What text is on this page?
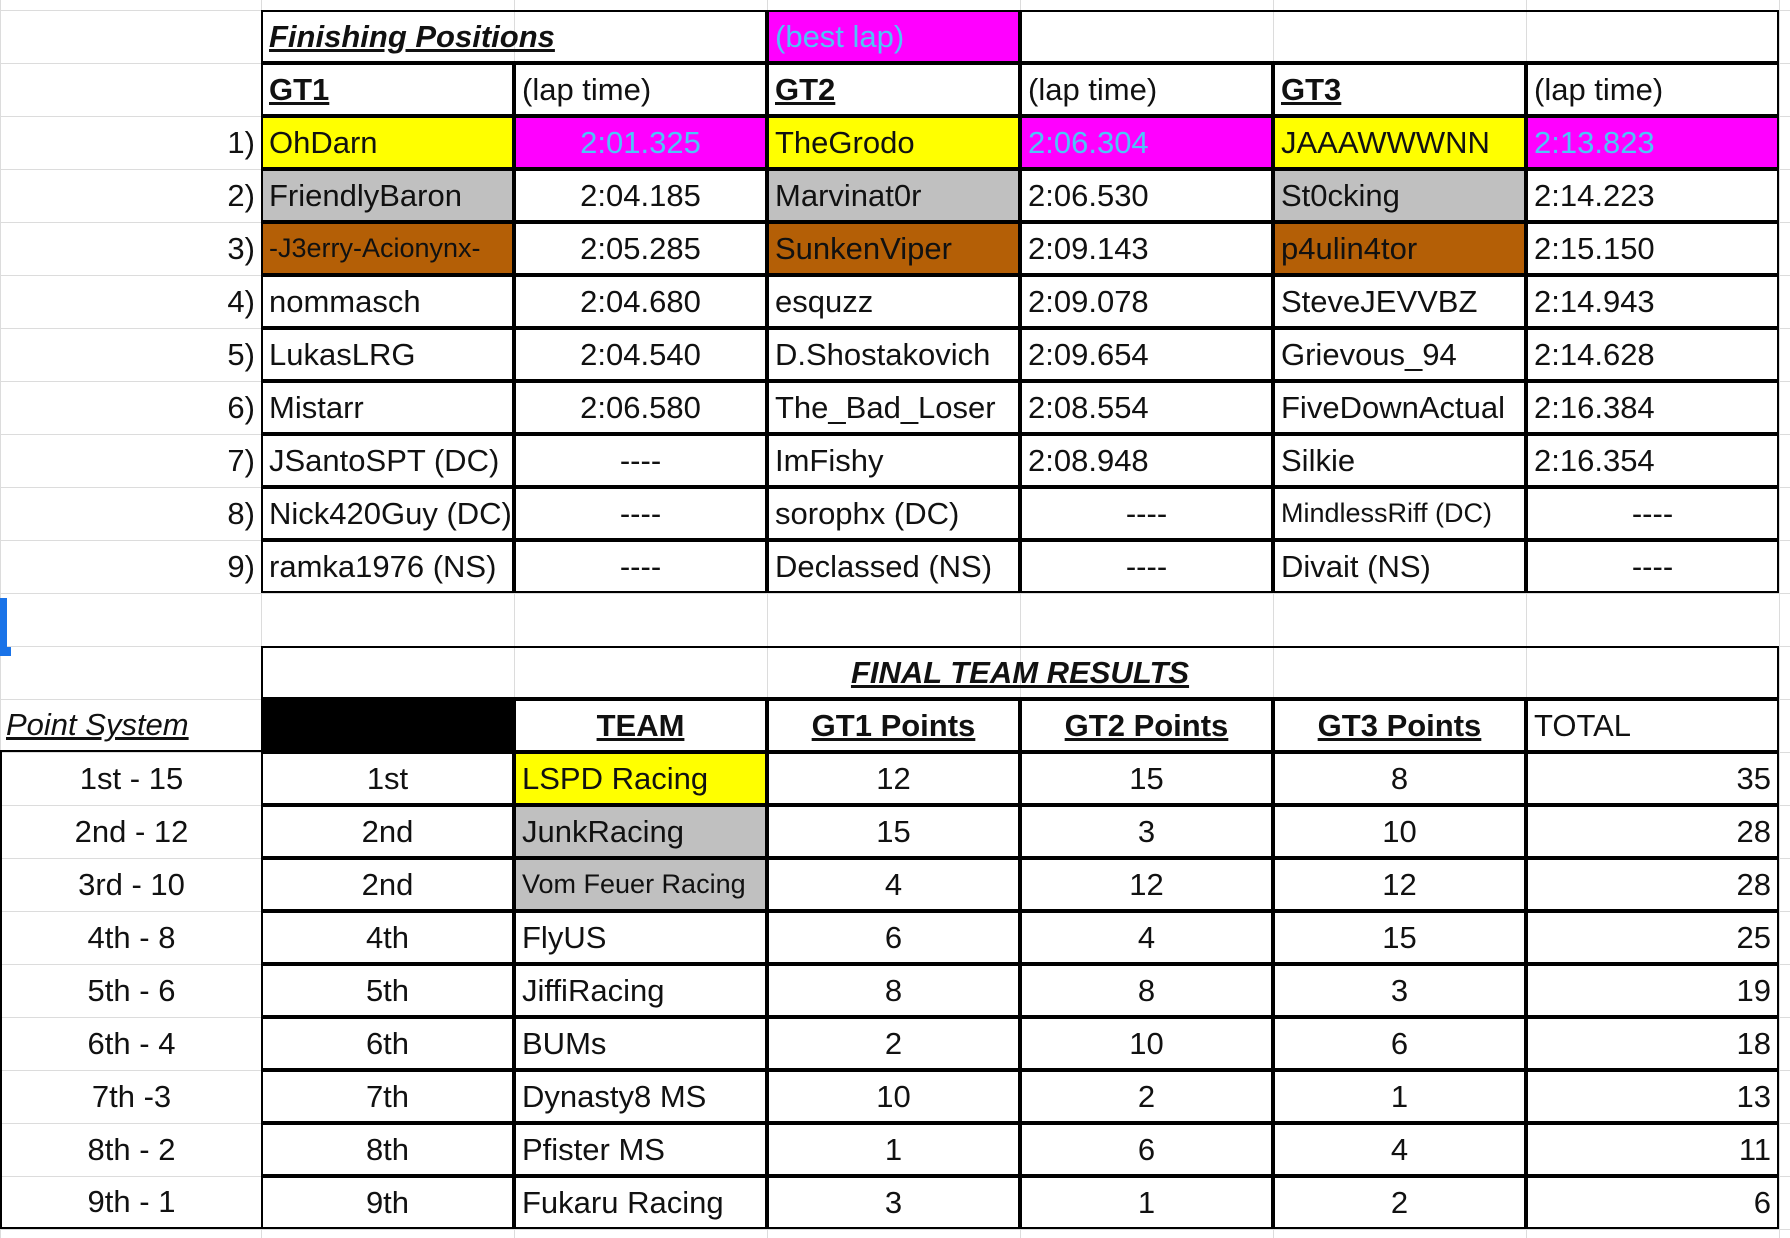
Finishing Positions	(best lap)
GT1	(lap time)	GT2	(lap time)	GT3	(lap time)
1) OhDarn	2:01.325	TheGrodo	2:06.304	JAAAWWWNN	2:13.823
2) FriendlyBaron	2:04.185	Marvinat0r	2:06.530	St0cking	2:14.223
3) -J3erry-Acionynx-	2:05.285	SunkenViper	2:09.143	p4ulin4tor	2:15.150
4) nommasch	2:04.680	esquzz	2:09.078	SteveJEVVBZ	2:14.943
5) LukasLRG	2:04.540	D.Shostakovich	2:09.654	Grievous_94	2:14.628
6) Mistarr	2:06.580	The_Bad_Loser	2:08.554	FiveDownActual 2:16.384
7) JSantoSPT (DC)	----	ImFishy	2:08.948	Silkie	2:16.354
8) Nick420Guy (DC)	----	sorophx (DC)	----	MindlessRiff (DC)	----
9) ramka1976 (NS)	----	Declassed (NS)	----	Divait (NS)	----
FINAL TEAM RESULTS
Point System	TEAM	GT1 Points	GT2 Points	GT3 Points	TOTAL
1st - 15	1st	LSPD Racing	12	15	8	35
2nd - 12	2nd	JunkRacing	15	3	10	28
3rd - 10	2nd	Vom Feuer Racing	4	12	12	28
4th - 8	4th	FlyUS	6	4	15	25
5th - 6	5th	JiffiRacing	8	8	3	19
6th - 4	6th	BUMs	2	10	6	18
7th -3	7th	Dynasty8 MS	10	2	1	13
8th - 2	8th	Pfister MS	1	6	4	11
9th - 1	9th	Fukaru Racing	3	1	2	6
